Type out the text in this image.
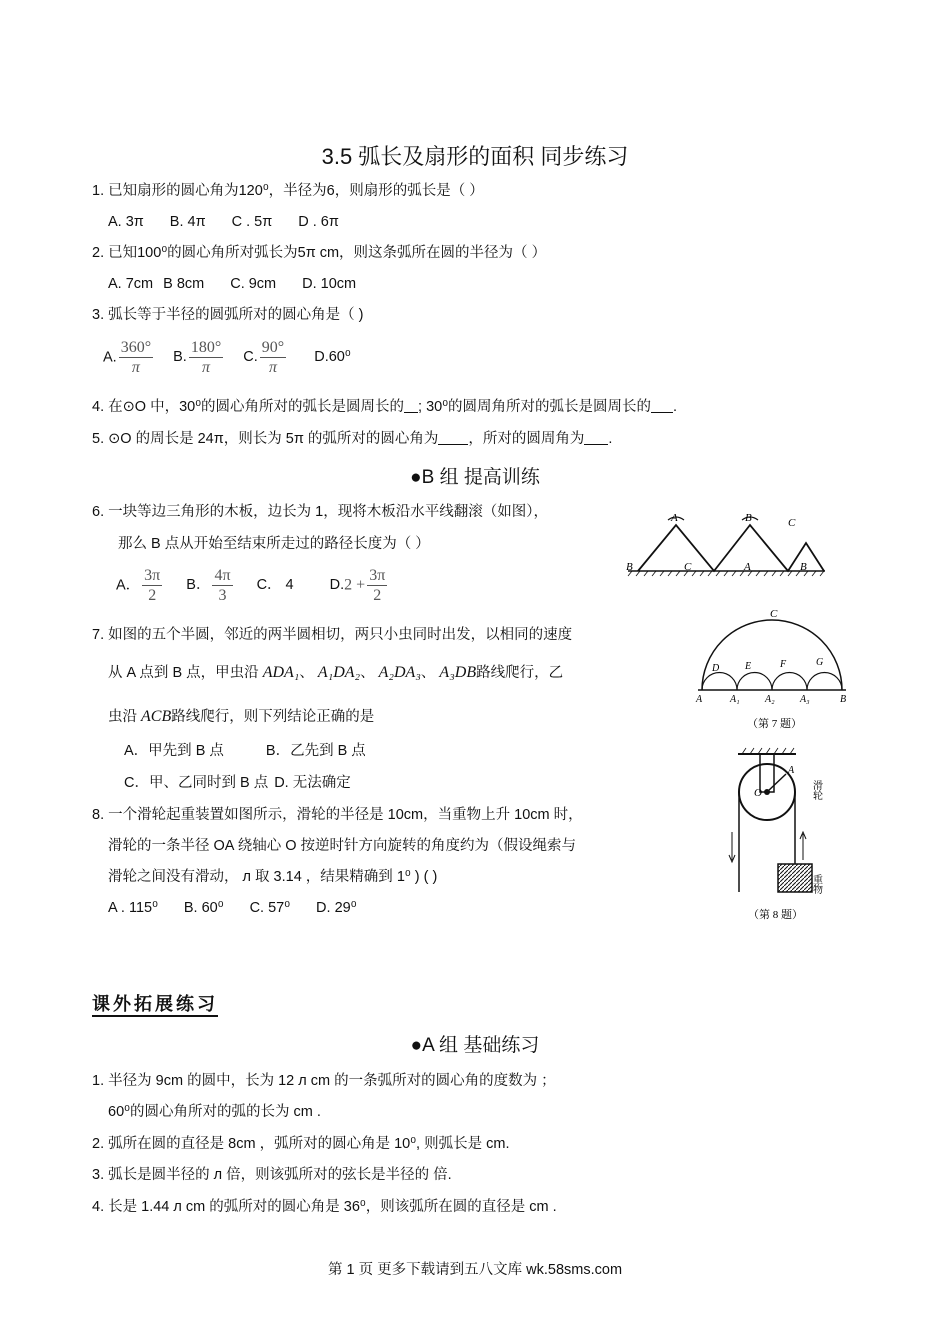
3.5 弧长及扇形的面积 同步练习
1. 已知扇形的圆心角为120⁰，半径为6，则扇形的弧长是（ ）
A. 3π B. 4π C . 5π D . 6π
2. 已知100⁰的圆心角所对弧长为5π cm，则这条弧所在圆的半径为（ ）
A. 7cm B 8cm C. 9cm D. 10cm
3. 弧长等于半径的圆弧所对的圆心角是（ )
A. $\frac{360^\circ}{\pi} B$. $\frac{180^\circ}{\pi} C$. $\frac{90^\circ}{\pi} D.60^0$
4. 在⊙O 中，30⁰的圆心角所对的弧长是圆周长的 ; 30⁰的圆周角所对的弧长是圆周长的 .
5. ⊙O 的周长是 24π，则长为 5π 的弧所对的圆心角为 ，所对的圆周角为 .
●B 组 提高训练
6. 一块等边三角形的木板，边长为 1，现将木板沿水平线翻滚（如图），
那么 B 点从开始至结束所走过的路径长度为（ ）
A． $\frac{3\pi}{2}$ B． $\frac{4\pi}{3}$ C． 4 $D.2 + \frac{3\pi}{2}$
A
B	C
B	C
A	B
7. 如图的五个半圆，邻近的两半圆相切，两只小虫同时出发，以相同的速度
从 A 点到 B 点，甲虫沿 ADA₁、 A₁DA₂、 A₂DA₃、 A₃DB路线爬行，乙
虫沿 ACB路线爬行，则下列结论正确的是
A．甲先到 B 点	B．乙先到 B 点
C．甲、乙同时到 B 点 D. 无法确定
C
D	E	F	G
A	A₁	A₂	A₃	B
（第 7 题）
8. 一个滑轮起重装置如图所示，滑轮的半径是 10cm，当重物上升 10cm 时，
滑轮的一条半径 OA 绕轴心 O 按逆时针方向旋转的角度约为（假设绳索与
滑轮之间没有滑动， л 取 3.14 ，结果精确到 1⁰ ) ( )
A . 115⁰ B. 60⁰ C. 57⁰ D. 29⁰
O
A
滑轮
重物
（第 8 题）
课外拓展练习
●A 组 基础练习
1. 半径为 9cm 的圆中，长为 12 л cm 的一条弧所对的圆心角的度数为 ；
60⁰的圆心角所对的弧的长为 cm .
2. 弧所在圆的直径是 8cm ，弧所对的圆心角是 10⁰, 则弧长是 cm.
3. 弧长是圆半径的 л 倍，则该弧所对的弦长是半径的 倍.
4. 长是 1.44 л cm 的弧所对的圆心角是 36⁰，则该弧所在圆的直径是 cm .
第 1 页 更多下载请到五八文库 wk.58sms.com
